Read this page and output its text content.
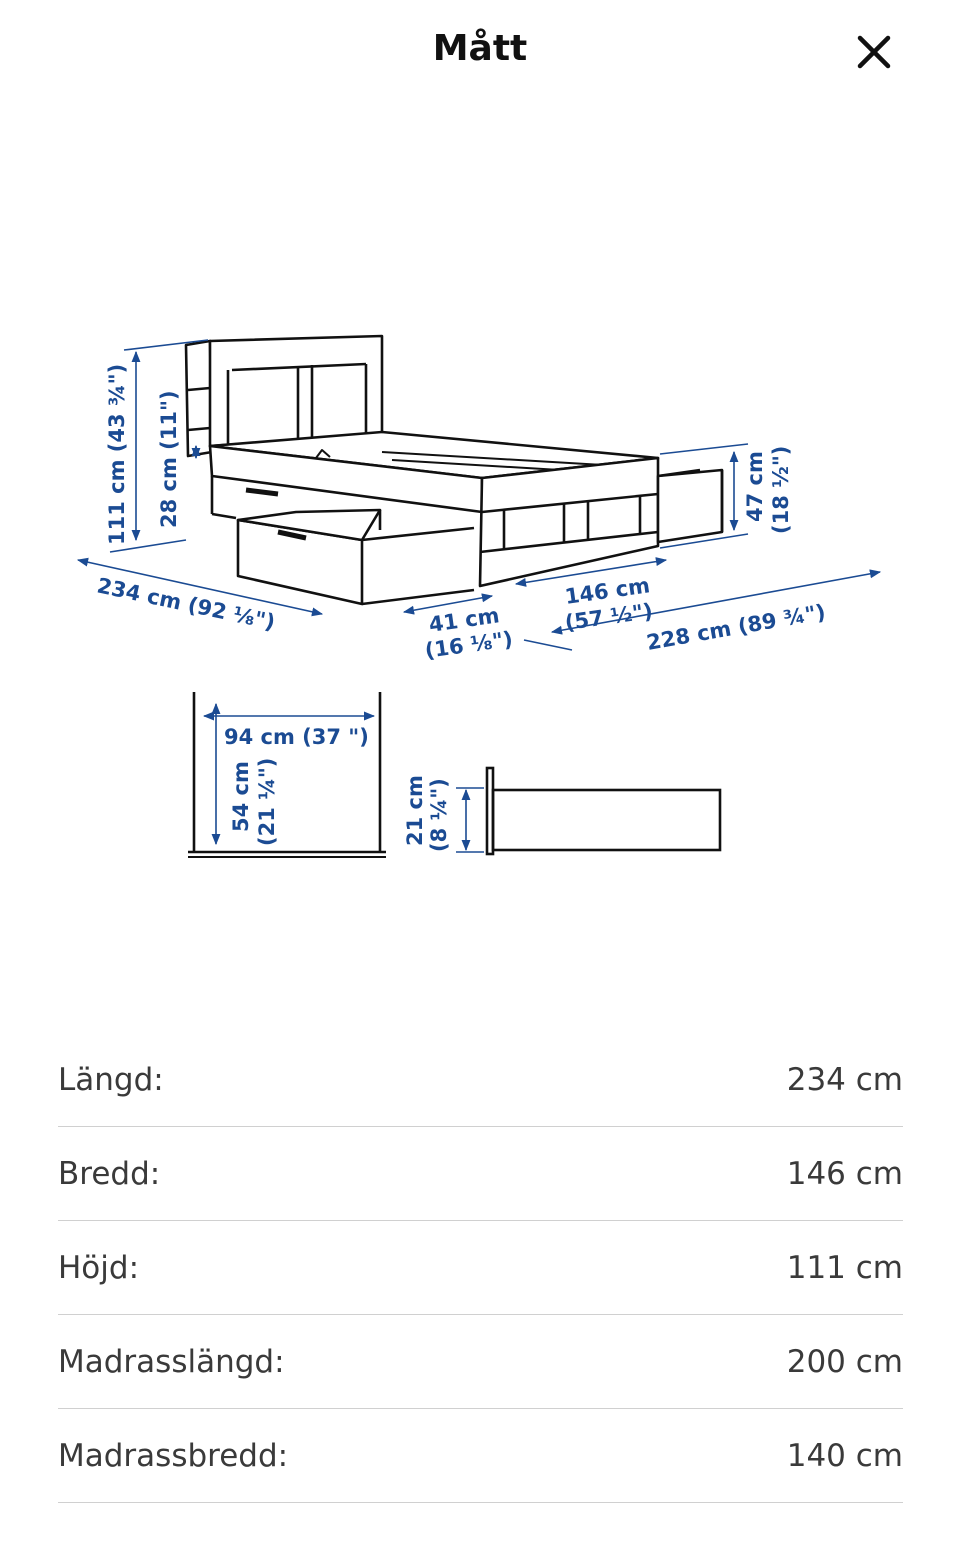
Mått
111 cm (43 ¾") 28 cm (11")
234 cm (92 ⅛")	41 cm
(16 ⅛")
146 cm
(57 ½")
228 cm (89 ¾")
47 cm (18 ½")
94 cm (37 ")
54 cm (21 ¼")	21 cm (8 ¼")
Längd:	234 cm
Bredd:	146 cm
Höjd:	111 cm
Madrasslängd:	200 cm
Madrassbredd:	140 cm
